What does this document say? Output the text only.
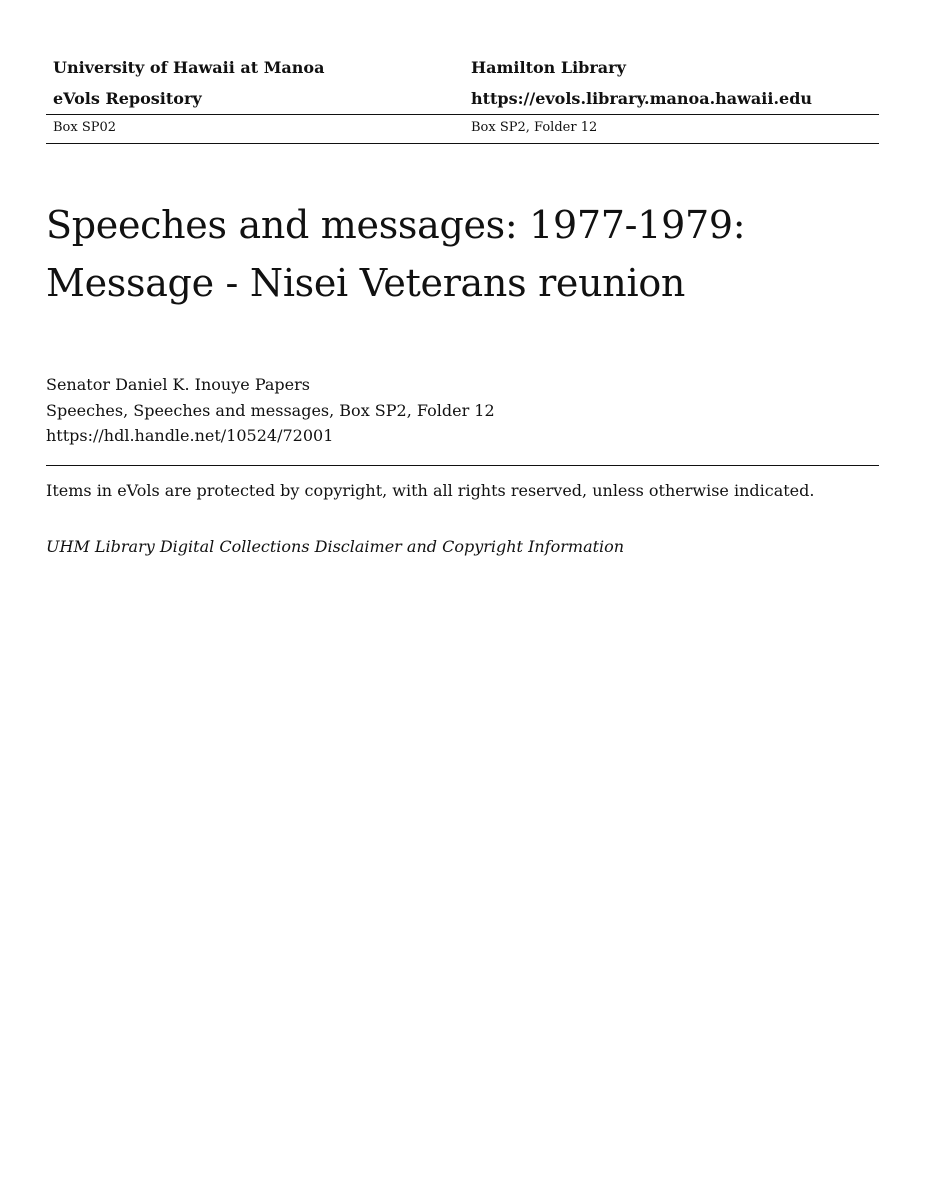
University of Hawaii at Manoa
eVols Repository
Hamilton Library
https://evols.library.manoa.hawaii.edu
Box SP02	Box SP2, Folder 12
Speeches and messages: 1977-1979:
Message - Nisei Veterans reunion
Senator Daniel K. Inouye Papers
Speeches, Speeches and messages, Box SP2, Folder 12
https://hdl.handle.net/10524/72001
Items in eVols are protected by copyright, with all rights reserved, unless otherwise indicated.
UHM Library Digital Collections Disclaimer and Copyright Information
